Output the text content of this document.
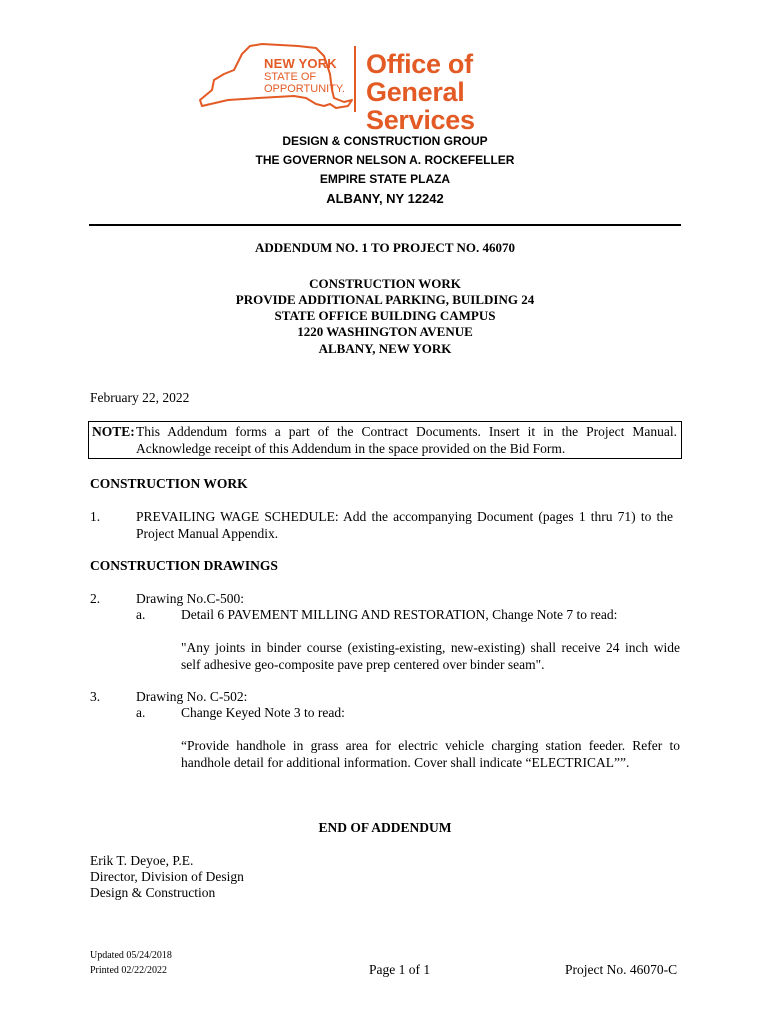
NEW YORK
STATE OF
OPPORTUNITY.
Office of
General Services
DESIGN & CONSTRUCTION GROUP
THE GOVERNOR NELSON A. ROCKEFELLER
EMPIRE STATE PLAZA
ALBANY, NY 12242
ADDENDUM NO. 1 TO PROJECT NO. 46070
CONSTRUCTION WORK
PROVIDE ADDITIONAL PARKING, BUILDING 24
STATE OFFICE BUILDING CAMPUS
1220 WASHINGTON AVENUE
ALBANY, NEW YORK
February 22, 2022
NOTE: This Addendum forms a part of the Contract Documents. Insert it in the Project Manual.
Acknowledge receipt of this Addendum in the space provided on the Bid Form.
CONSTRUCTION WORK
1.	PREVAILING WAGE SCHEDULE: Add the accompanying Document (pages 1 thru 71) to the
Project Manual Appendix.
CONSTRUCTION DRAWINGS
2.	Drawing No.C-500:
a.	Detail 6 PAVEMENT MILLING AND RESTORATION, Change Note 7 to read:
"Any joints in binder course (existing-existing, new-existing) shall receive 24 inch wide
self adhesive geo-composite pave prep centered over binder seam".
3.	Drawing No. C-502:
a.	Change Keyed Note 3 to read:
“Provide handhole in grass area for electric vehicle charging station feeder. Refer to
handhole detail for additional information. Cover shall indicate “ELECTRICAL””.
END OF ADDENDUM
Erik T. Deyoe, P.E.
Director, Division of Design
Design & Construction
Updated 05/24/2018
Printed 02/22/2022	Page 1 of 1	Project No. 46070-C
